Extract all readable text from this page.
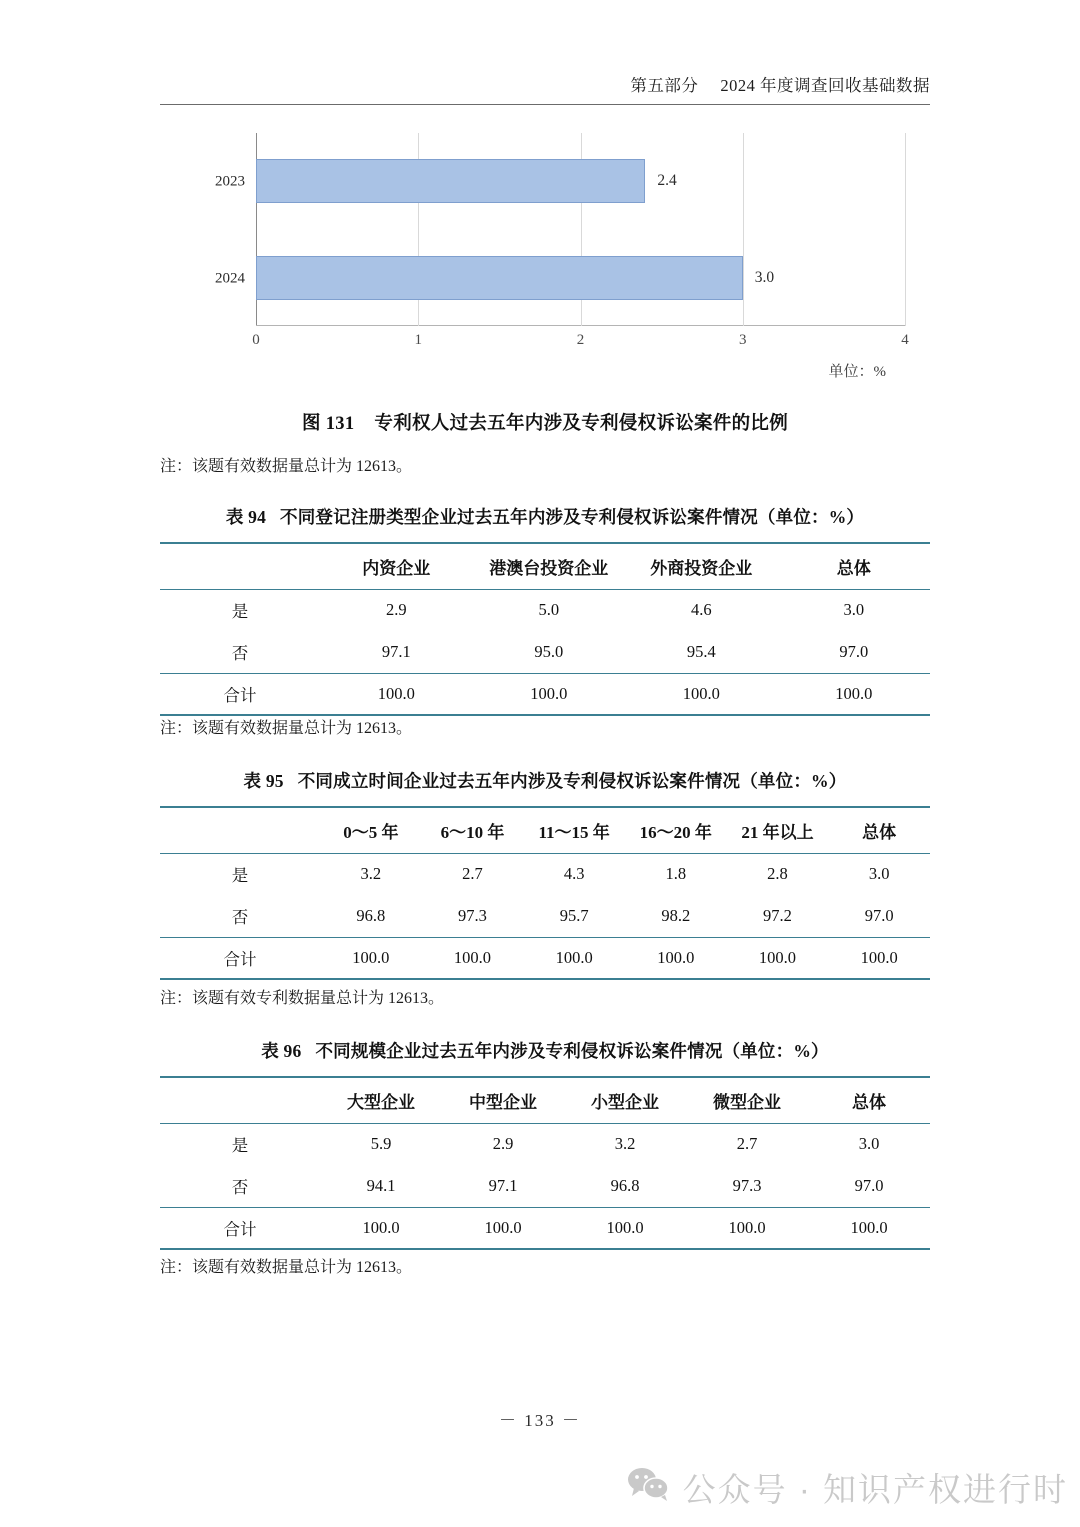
第五部分 2024 年度调查回收基础数据
2023	2.4
2024	3.0
0	1	2	3	4
单位：%
图 131 专利权人过去五年内涉及专利侵权诉讼案件的比例
注：该题有效数据量总计为 12613。
表 94 不同登记注册类型企业过去五年内涉及专利侵权诉讼案件情况（单位：%）
	内资企业	港澳台投资企业	外商投资企业	总体
是	2.9	5.0	4.6	3.0
否	97.1	95.0	95.4	97.0
合计	100.0	100.0	100.0	100.0
注：该题有效数据量总计为 12613。
表 95 不同成立时间企业过去五年内涉及专利侵权诉讼案件情况（单位：%）
	0～5 年	6～10 年	11～15 年	16～20 年	21 年以上	总体
是	3.2	2.7	4.3	1.8	2.8	3.0
否	96.8	97.3	95.7	98.2	97.2	97.0
合计	100.0	100.0	100.0	100.0	100.0	100.0
注：该题有效专利数据量总计为 12613。
表 96 不同规模企业过去五年内涉及专利侵权诉讼案件情况（单位：%）
	大型企业	中型企业	小型企业	微型企业	总体
是	5.9	2.9	3.2	2.7	3.0
否	94.1	97.1	96.8	97.3	97.0
合计	100.0	100.0	100.0	100.0	100.0
注：该题有效数据量总计为 12613。
－ 133 －
公众号 · 知识产权进行时
